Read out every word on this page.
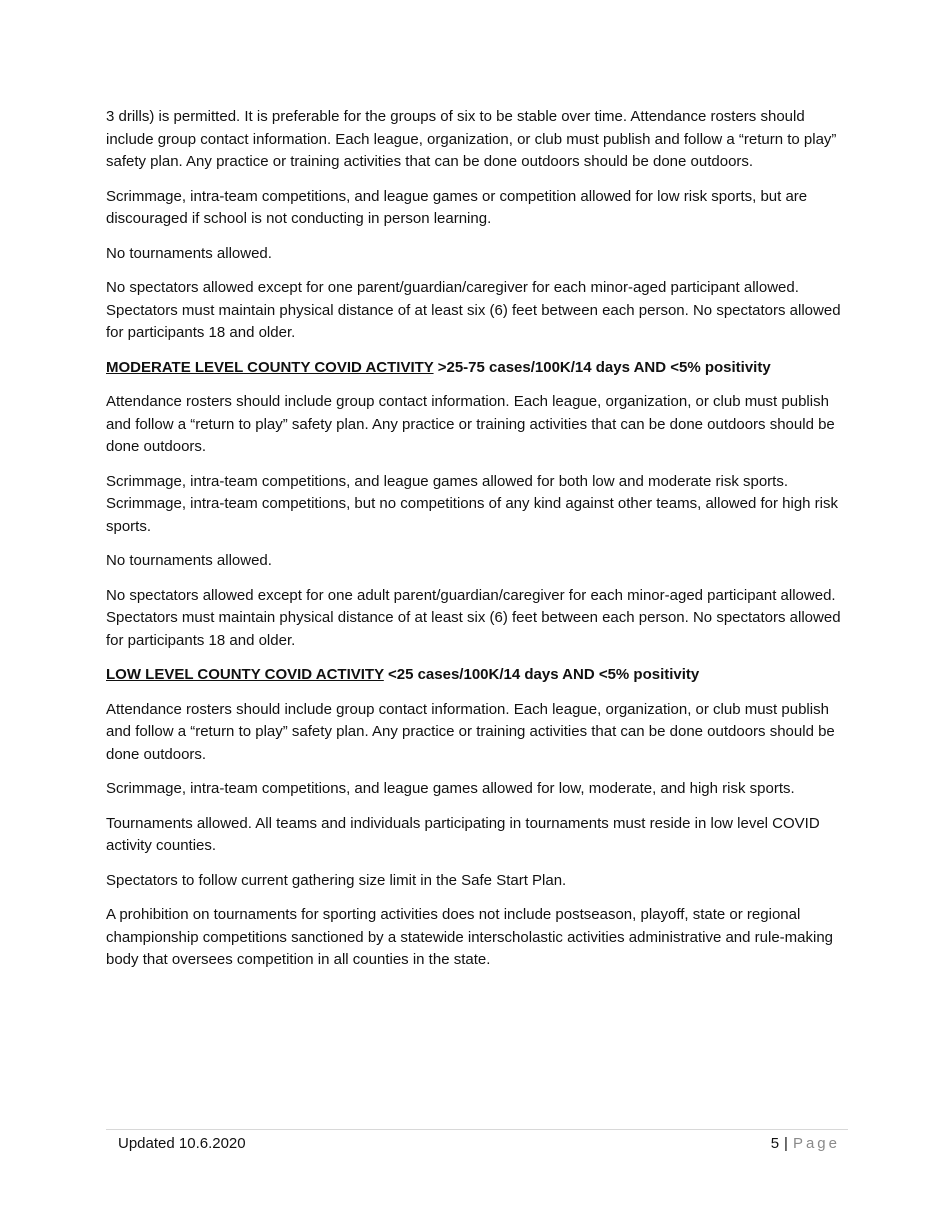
3 drills) is permitted. It is preferable for the groups of six to be stable over time. Attendance rosters should include group contact information. Each league, organization, or club must publish and follow a “return to play” safety plan. Any practice or training activities that can be done outdoors should be done outdoors.

Scrimmage, intra-team competitions, and league games or competition allowed for low risk sports, but are discouraged if school is not conducting in person learning.

No tournaments allowed.

No spectators allowed except for one parent/guardian/caregiver for each minor-aged participant allowed. Spectators must maintain physical distance of at least six (6) feet between each person. No spectators allowed for participants 18 and older.

MODERATE LEVEL COUNTY COVID ACTIVITY >25-75 cases/100K/14 days AND <5% positivity

Attendance rosters should include group contact information. Each league, organization, or club must publish and follow a “return to play” safety plan. Any practice or training activities that can be done outdoors should be done outdoors.

Scrimmage, intra-team competitions, and league games allowed for both low and moderate risk sports. Scrimmage, intra-team competitions, but no competitions of any kind against other teams, allowed for high risk sports.

No tournaments allowed.

No spectators allowed except for one adult parent/guardian/caregiver for each minor-aged participant allowed. Spectators must maintain physical distance of at least six (6) feet between each person. No spectators allowed for participants 18 and older.

LOW LEVEL COUNTY COVID ACTIVITY <25 cases/100K/14 days AND <5% positivity

Attendance rosters should include group contact information. Each league, organization, or club must publish and follow a “return to play” safety plan. Any practice or training activities that can be done outdoors should be done outdoors.

Scrimmage, intra-team competitions, and league games allowed for low, moderate, and high risk sports.

Tournaments allowed. All teams and individuals participating in tournaments must reside in low level COVID activity counties.

Spectators to follow current gathering size limit in the Safe Start Plan.

A prohibition on tournaments for sporting activities does not include postseason, playoff, state or regional championship competitions sanctioned by a statewide interscholastic activities administrative and rule-making body that oversees competition in all counties in the state.

Updated 10.6.2020	5 | Page
